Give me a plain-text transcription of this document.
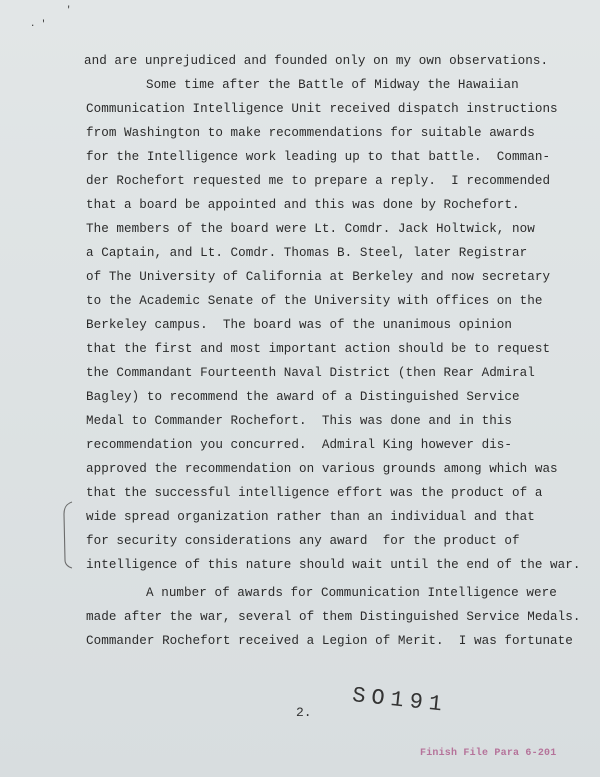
. '
'
and are unprejudiced and founded only on my own observations.
Some time after the Battle of Midway the Hawaiian
Communication Intelligence Unit received dispatch instructions
from Washington to make recommendations for suitable awards
for the Intelligence work leading up to that battle.  Comman-
der Rochefort requested me to prepare a reply.  I recommended
that a board be appointed and this was done by Rochefort.
The members of the board were Lt. Comdr. Jack Holtwick, now
a Captain, and Lt. Comdr. Thomas B. Steel, later Registrar
of The University of California at Berkeley and now secretary
to the Academic Senate of the University with offices on the
Berkeley campus.  The board was of the unanimous opinion
that the first and most important action should be to request
the Commandant Fourteenth Naval District (then Rear Admiral
Bagley) to recommend the award of a Distinguished Service
Medal to Commander Rochefort.  This was done and in this
recommendation you concurred.  Admiral King however dis-
approved the recommendation on various grounds among which was
that the successful intelligence effort was the product of a
wide spread organization rather than an individual and that
for security considerations any award  for the product of
intelligence of this nature should wait until the end of the war.
A number of awards for Communication Intelligence were
made after the war, several of them Distinguished Service Medals.
Commander Rochefort received a Legion of Merit.  I was fortunate
2. SO191
Finish File Para 6-201
